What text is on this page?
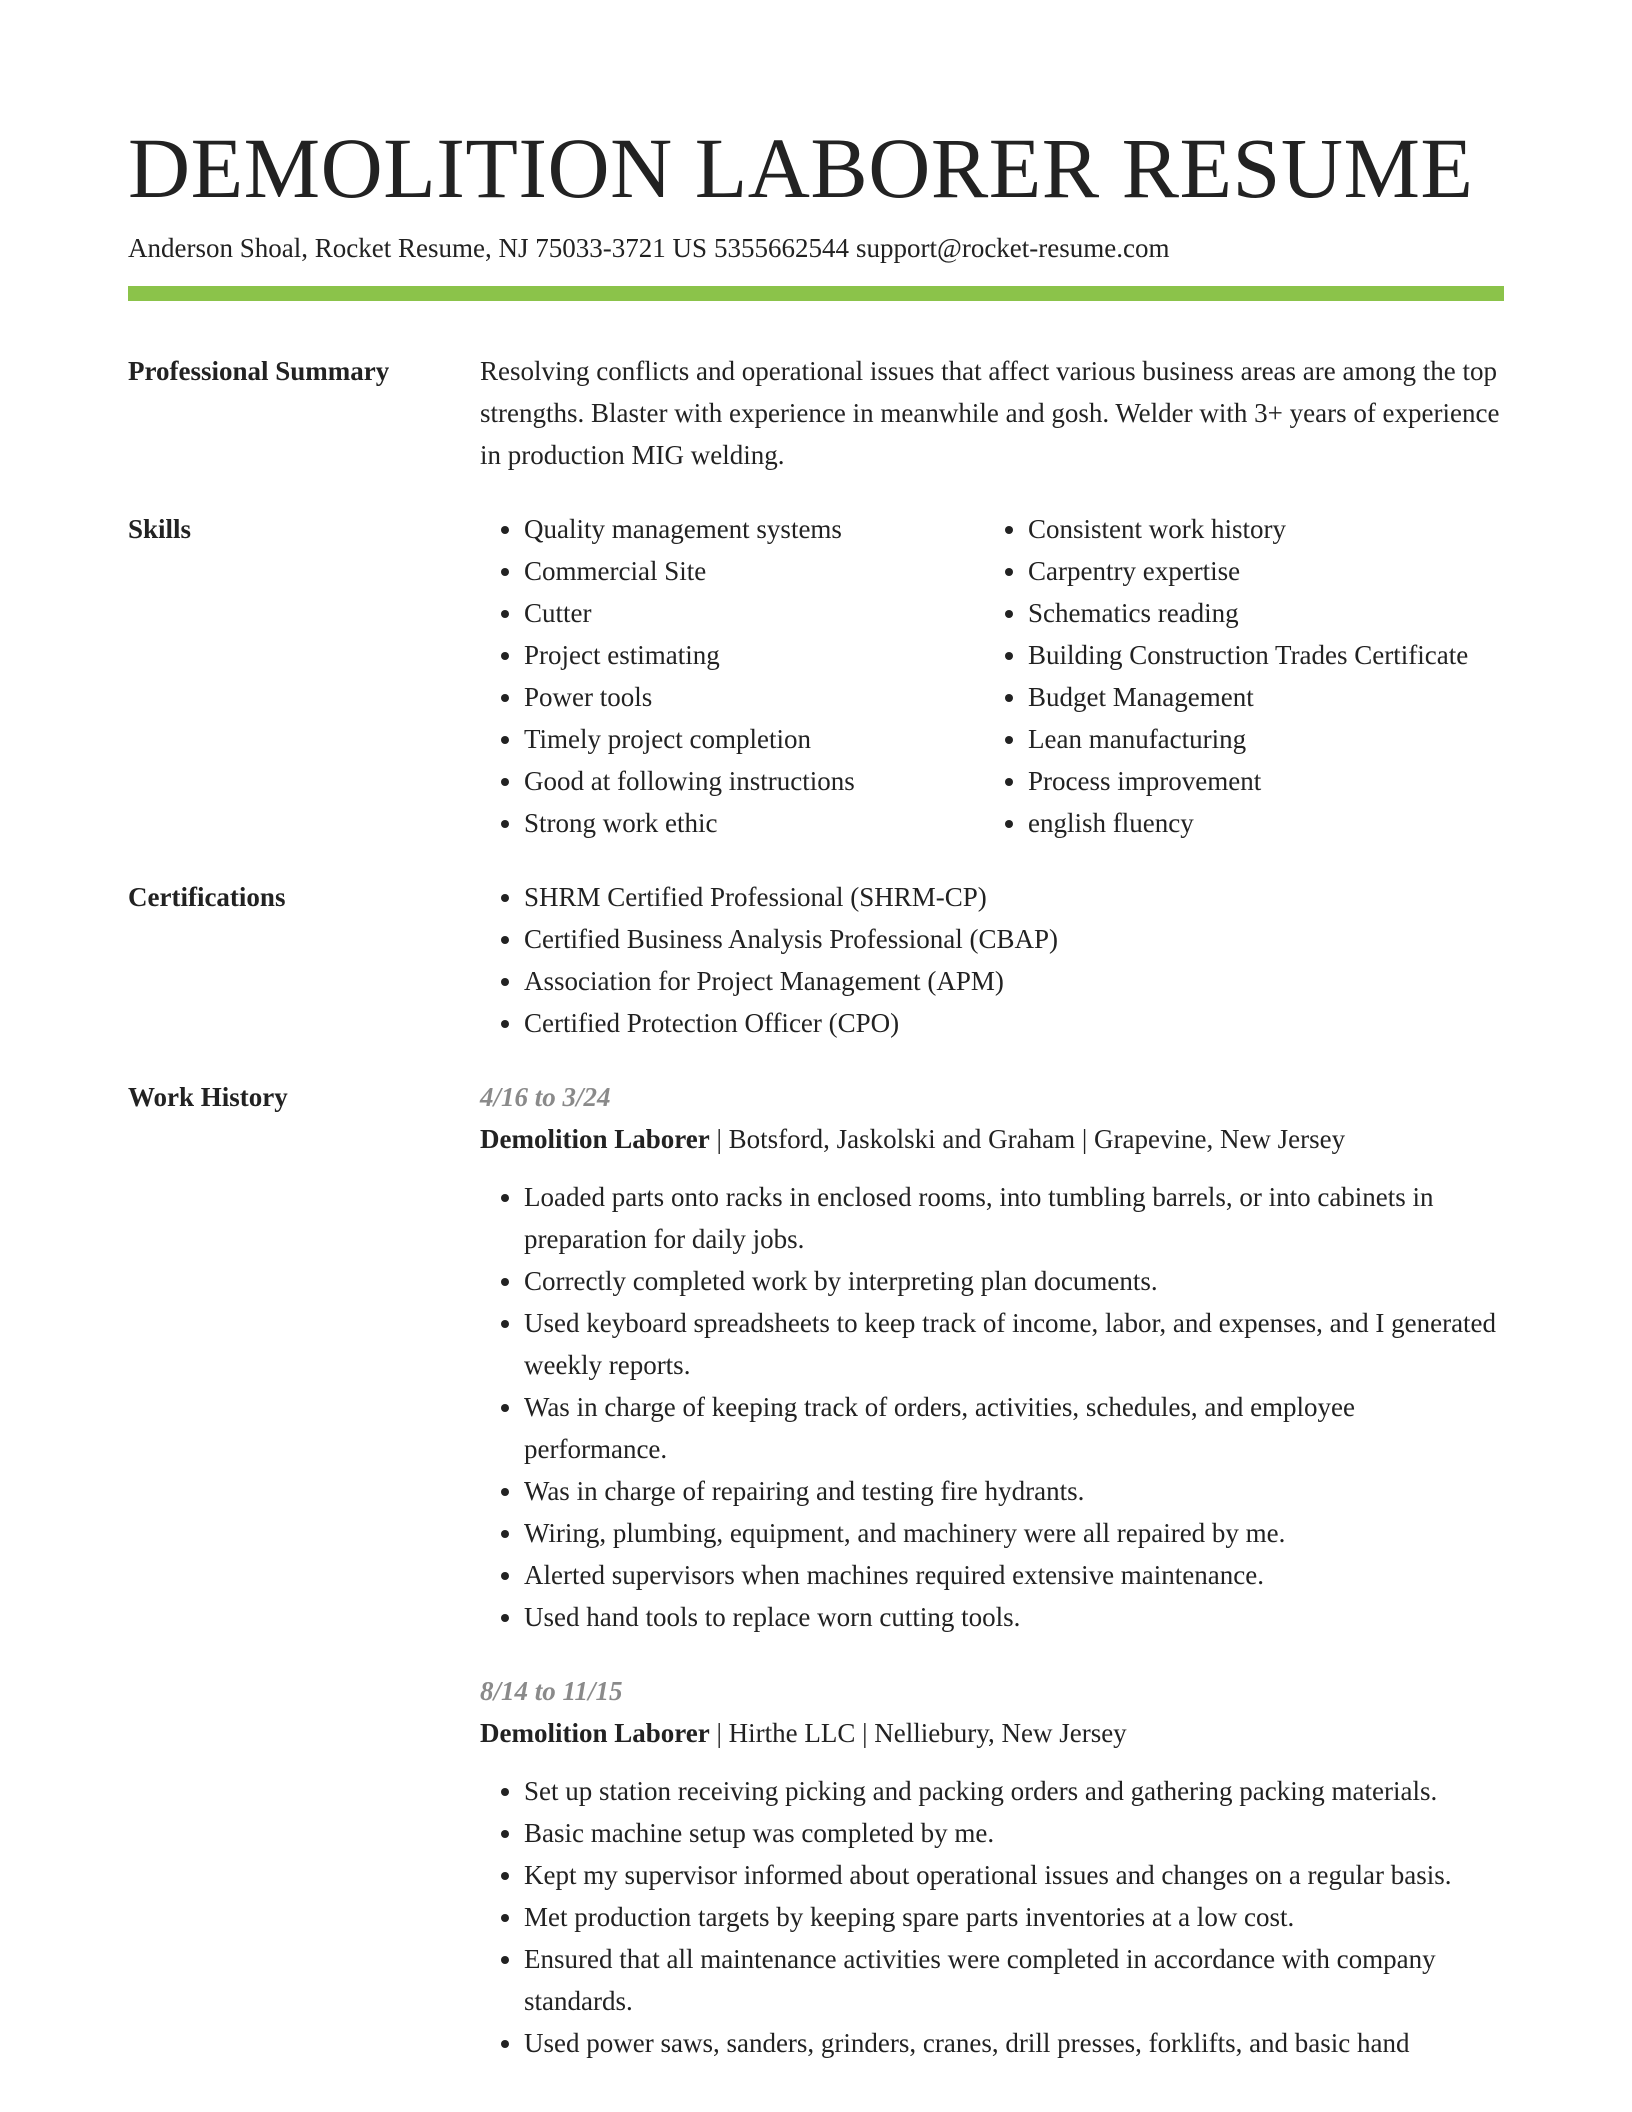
DEMOLITION LABORER RESUME
Anderson Shoal, Rocket Resume, NJ 75033-3721 US 5355662544 support@rocket-resume.com
Professional Summary	Resolving conflicts and operational issues that affect various business areas are among the top strengths. Blaster with experience in meanwhile and gosh. Welder with 3+ years of experience in production MIG welding.

Skills	• Quality management systems
• Commercial Site
• Cutter
• Project estimating
• Power tools
• Timely project completion
• Good at following instructions
• Strong work ethic
• Consistent work history
• Carpentry expertise
• Schematics reading
• Building Construction Trades Certificate
• Budget Management
• Lean manufacturing
• Process improvement
• english fluency
Certifications	• SHRM Certified Professional (SHRM-CP)
• Certified Business Analysis Professional (CBAP)
• Association for Project Management (APM)
• Certified Protection Officer (CPO)
Work History	4/16 to 3/24
Demolition Laborer | Botsford, Jaskolski and Graham | Grapevine, New Jersey
• Loaded parts onto racks in enclosed rooms, into tumbling barrels, or into cabinets in preparation for daily jobs.
• Correctly completed work by interpreting plan documents.
• Used keyboard spreadsheets to keep track of income, labor, and expenses, and I generated weekly reports.
• Was in charge of keeping track of orders, activities, schedules, and employee performance.
• Was in charge of repairing and testing fire hydrants.
• Wiring, plumbing, equipment, and machinery were all repaired by me.
• Alerted supervisors when machines required extensive maintenance.
• Used hand tools to replace worn cutting tools.
8/14 to 11/15
Demolition Laborer | Hirthe LLC | Nelliebury, New Jersey
• Set up station receiving picking and packing orders and gathering packing materials.
• Basic machine setup was completed by me.
• Kept my supervisor informed about operational issues and changes on a regular basis.
• Met production targets by keeping spare parts inventories at a low cost.
• Ensured that all maintenance activities were completed in accordance with company standards.
• Used power saws, sanders, grinders, cranes, drill presses, forklifts, and basic hand
